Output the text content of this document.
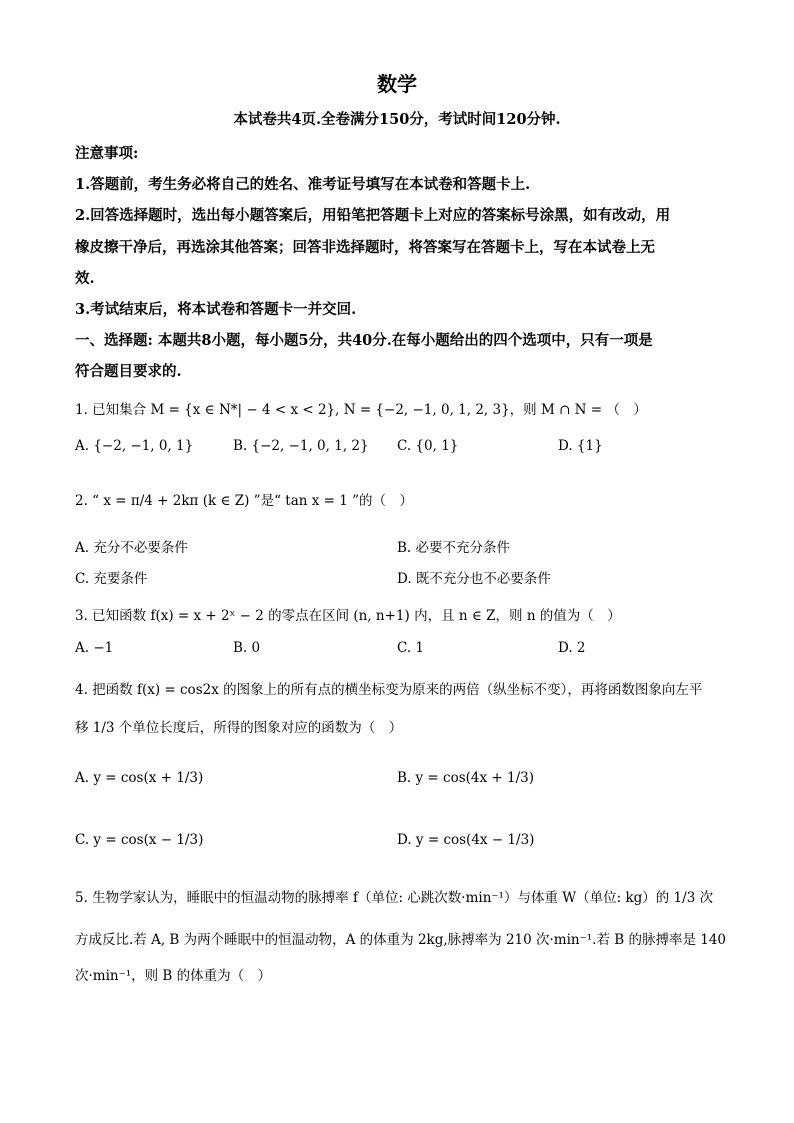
数学
本试卷共4页.全卷满分150分，考试时间120分钟.
注意事项:
1.答题前，考生务必将自己的姓名、准考证号填写在本试卷和答题卡上.
2.回答选择题时，选出每小题答案后，用铅笔把答题卡上对应的答案标号涂黑，如有改动，用
橡皮擦干净后，再选涂其他答案；回答非选择题时，将答案写在答题卡上，写在本试卷上无
效.
3.考试结束后，将本试卷和答题卡一并交回.
一、选择题: 本题共8小题，每小题5分，共40分.在每小题给出的四个选项中，只有一项是
符合题目要求的.
1. 已知集合 M = {x ∈ N*| − 4 < x < 2}, N = {−2, −1, 0, 1, 2, 3}，则 M ∩ N = （　）
A. {−2, −1, 0, 1}	B. {−2, −1, 0, 1, 2} C. {0, 1}	D. {1}
2. “ x = π/4 + 2kπ (k ∈ Z) ”是“ tan x = 1 ”的（　）
A. 充分不必要条件	B. 必要不充分条件
C. 充要条件	D. 既不充分也不必要条件
3. 已知函数 f(x) = x + 2ˣ − 2 的零点在区间 (n, n+1) 内，且 n ∈ Z，则 n 的值为（　）
A. −1	B. 0	C. 1	D. 2
4. 把函数 f(x) = cos2x 的图象上的所有点的横坐标变为原来的两倍（纵坐标不变），再将函数图象向左平
移 1/3 个单位长度后，所得的图象对应的函数为（　）
A. y = cos(x + 1/3)	B. y = cos(4x + 1/3)
C. y = cos(x − 1/3)	D. y = cos(4x − 1/3)
5. 生物学家认为，睡眠中的恒温动物的脉搏率 f（单位: 心跳次数·min⁻¹）与体重 W（单位: kg）的 1/3 次
方成反比.若 A, B 为两个睡眠中的恒温动物，A 的体重为 2kg,脉搏率为 210 次·min⁻¹.若 B 的脉搏率是 140
次·min⁻¹，则 B 的体重为（　）
